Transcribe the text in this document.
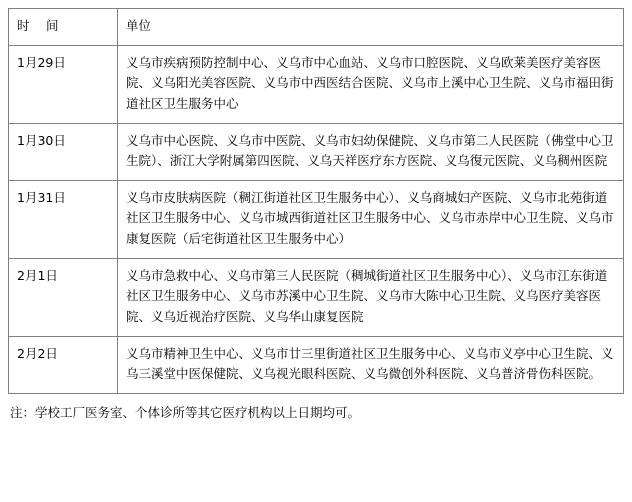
时　 间	单位
1月29日	义乌市疾病预防控制中心、义乌市中心血站、义乌市口腔医院、义乌欧莱美医疗美容医院、义乌阳光美容医院、义乌市中西医结合医院、义乌市上溪中心卫生院、义乌市福田街道社区卫生服务中心
1月30日	义乌市中心医院、义乌市中医院、义乌市妇幼保健院、义乌市第二人民医院（佛堂中心卫生院）、浙江大学附属第四医院、义乌天祥医疗东方医院、义乌復元医院、义乌稠州医院
1月31日	义乌市皮肤病医院（稠江街道社区卫生服务中心）、义乌商城妇产医院、义乌市北苑街道社区卫生服务中心、义乌市城西街道社区卫生服务中心、义乌市赤岸中心卫生院、义乌市康复医院（后宅街道社区卫生服务中心）
2月1日	义乌市急救中心、义乌市第三人民医院（稠城街道社区卫生服务中心）、义乌市江东街道社区卫生服务中心、义乌市苏溪中心卫生院、义乌市大陈中心卫生院、义乌医疗美容医院、义乌近视治疗医院、义乌华山康复医院
2月2日	义乌市精神卫生中心、义乌市廿三里街道社区卫生服务中心、义乌市义亭中心卫生院、义乌三溪堂中医保健院、义乌视光眼科医院、义乌微创外科医院、义乌普济骨伤科医院。
注：学校工厂医务室、个体诊所等其它医疗机构以上日期均可。
